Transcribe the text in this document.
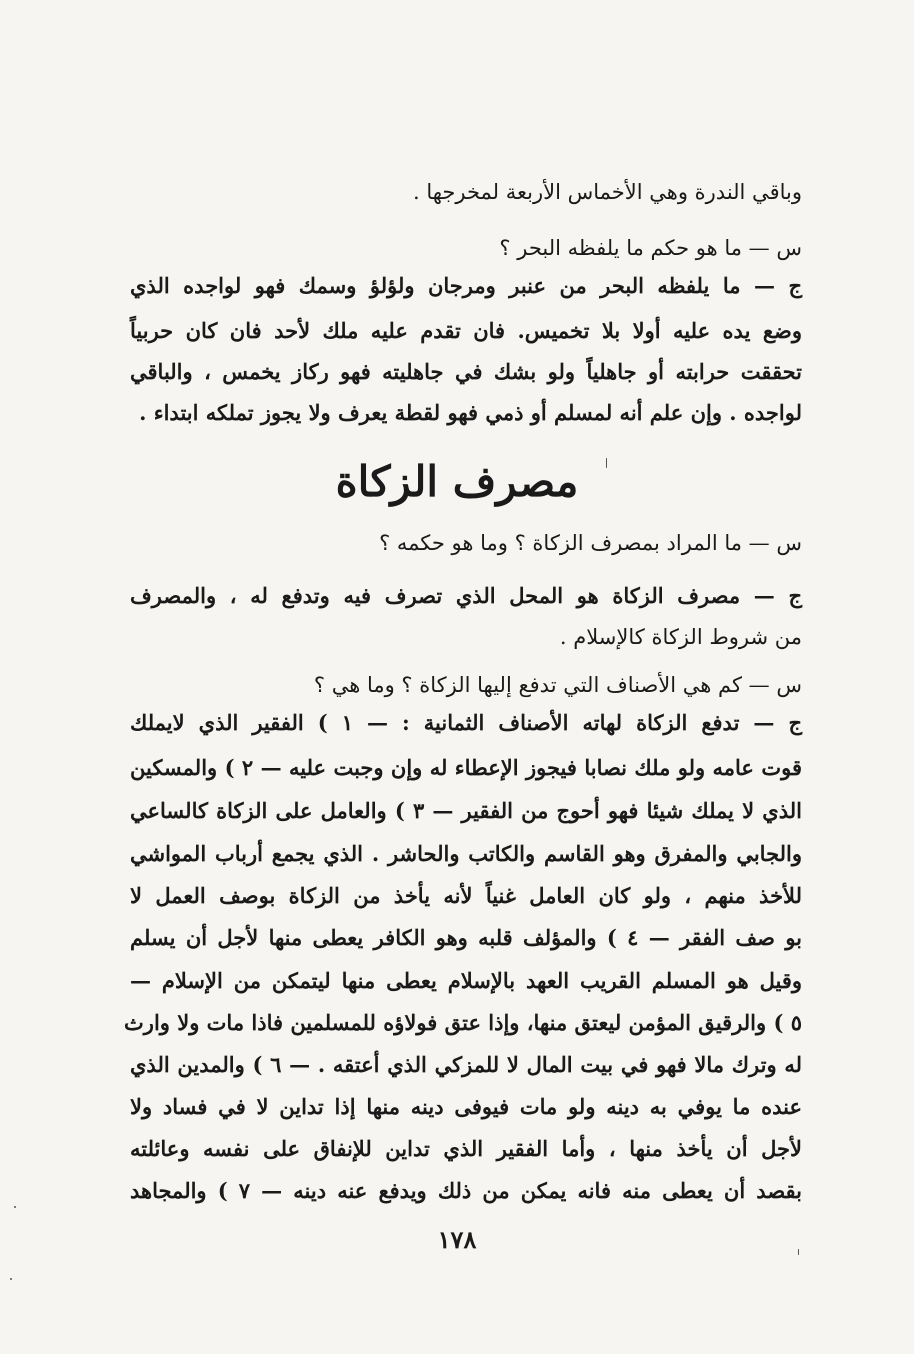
وباقي الندرة وهي الأخماس الأربعة لمخرجها .
س — ما هو حكم ما يلفظه البحر ؟
ج — ما يلفظه البحر من عنبر ومرجان ولؤلؤ وسمك فهو لواجده الذي
وضع يده عليه أولا بلا تخميس. فان تقدم عليه ملك لأحد فان كان حربياً
تحققت حرابته أو جاهلياً ولو بشك في جاهليته فهو ركاز يخمس ، والباقي
لواجده . وإن علم أنه لمسلم أو ذمي فهو لقطة يعرف ولا يجوز تملكه ابتداء .
مصرف الزكاة
س — ما المراد بمصرف الزكاة ؟ وما هو حكمه ؟
ج — مصرف الزكاة هو المحل الذي تصرف فيه وتدفع له ، والمصرف
من شروط الزكاة كالإسلام .
س — كم هي الأصناف التي تدفع إليها الزكاة ؟ وما هي ؟
ج — تدفع الزكاة لهاته الأصناف الثمانية : — ١ ) الفقير الذي لايملك
قوت عامه ولو ملك نصابا فيجوز الإعطاء له وإن وجبت عليه — ٢ ) والمسكين
الذي لا يملك شيئا فهو أحوج من الفقير — ٣ ) والعامل على الزكاة كالساعي
والجابي والمفرق وهو القاسم والكاتب والحاشر . الذي يجمع أرباب المواشي
للأخذ منهم ، ولو كان العامل غنياً لأنه يأخذ من الزكاة بوصف العمل لا
بو صف الفقر — ٤ ) والمؤلف قلبه وهو الكافر يعطى منها لأجل أن يسلم
وقيل هو المسلم القريب العهد بالإسلام يعطى منها ليتمكن من الإسلام —
٥ ) والرقيق المؤمن ليعتق منها، وإذا عتق فولاؤه للمسلمين فاذا مات ولا وارث
له وترك مالا فهو في بيت المال لا للمزكي الذي أعتقه . — ٦ ) والمدين الذي
عنده ما يوفي به دينه ولو مات فيوفى دينه منها إذا تداين لا في فساد ولا
لأجل أن يأخذ منها ، وأما الفقير الذي تداين للإنفاق على نفسه وعائلته
بقصد أن يعطى منه فانه يمكن من ذلك ويدفع عنه دينه — ٧ ) والمجاهد
١٧٨
